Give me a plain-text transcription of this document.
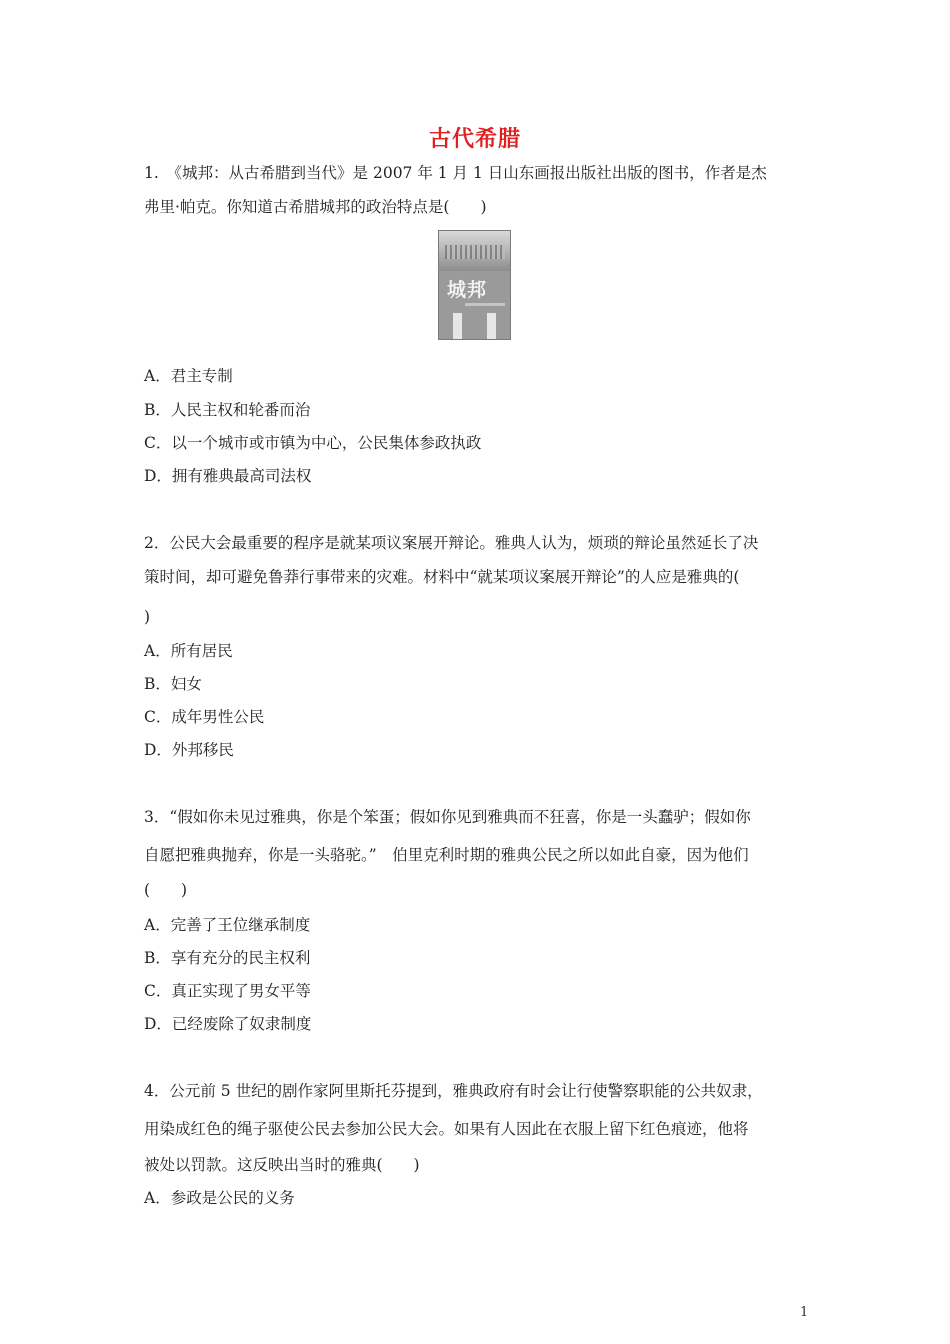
古代希腊
1.　《城邦：从古希腊到当代》是 2007 年 1 月 1 日山东画报出版社出版的图书，作者是杰
弗里·帕克。你知道古希腊城邦的政治特点是(　　)
城邦
A．君主专制
B．人民主权和轮番而治
C．以一个城市或市镇为中心，公民集体参政执政
D．拥有雅典最高司法权
2．公民大会最重要的程序是就某项议案展开辩论。雅典人认为，烦琐的辩论虽然延长了决
策时间，却可避免鲁莽行事带来的灾难。材料中“就某项议案展开辩论”的人应是雅典的(
)
A．所有居民
B．妇女
C．成年男性公民
D．外邦移民
3．“假如你未见过雅典，你是个笨蛋；假如你见到雅典而不狂喜，你是一头蠢驴；假如你
自愿把雅典抛弃，你是一头骆驼。”　伯里克利时期的雅典公民之所以如此自豪，因为他们
(　　)
A．完善了王位继承制度
B．享有充分的民主权利
C．真正实现了男女平等
D．已经废除了奴隶制度
4．公元前 5 世纪的剧作家阿里斯托芬提到，雅典政府有时会让行使警察职能的公共奴隶，
用染成红色的绳子驱使公民去参加公民大会。如果有人因此在衣服上留下红色痕迹，他将
被处以罚款。这反映出当时的雅典(　　)
A．参政是公民的义务
1
